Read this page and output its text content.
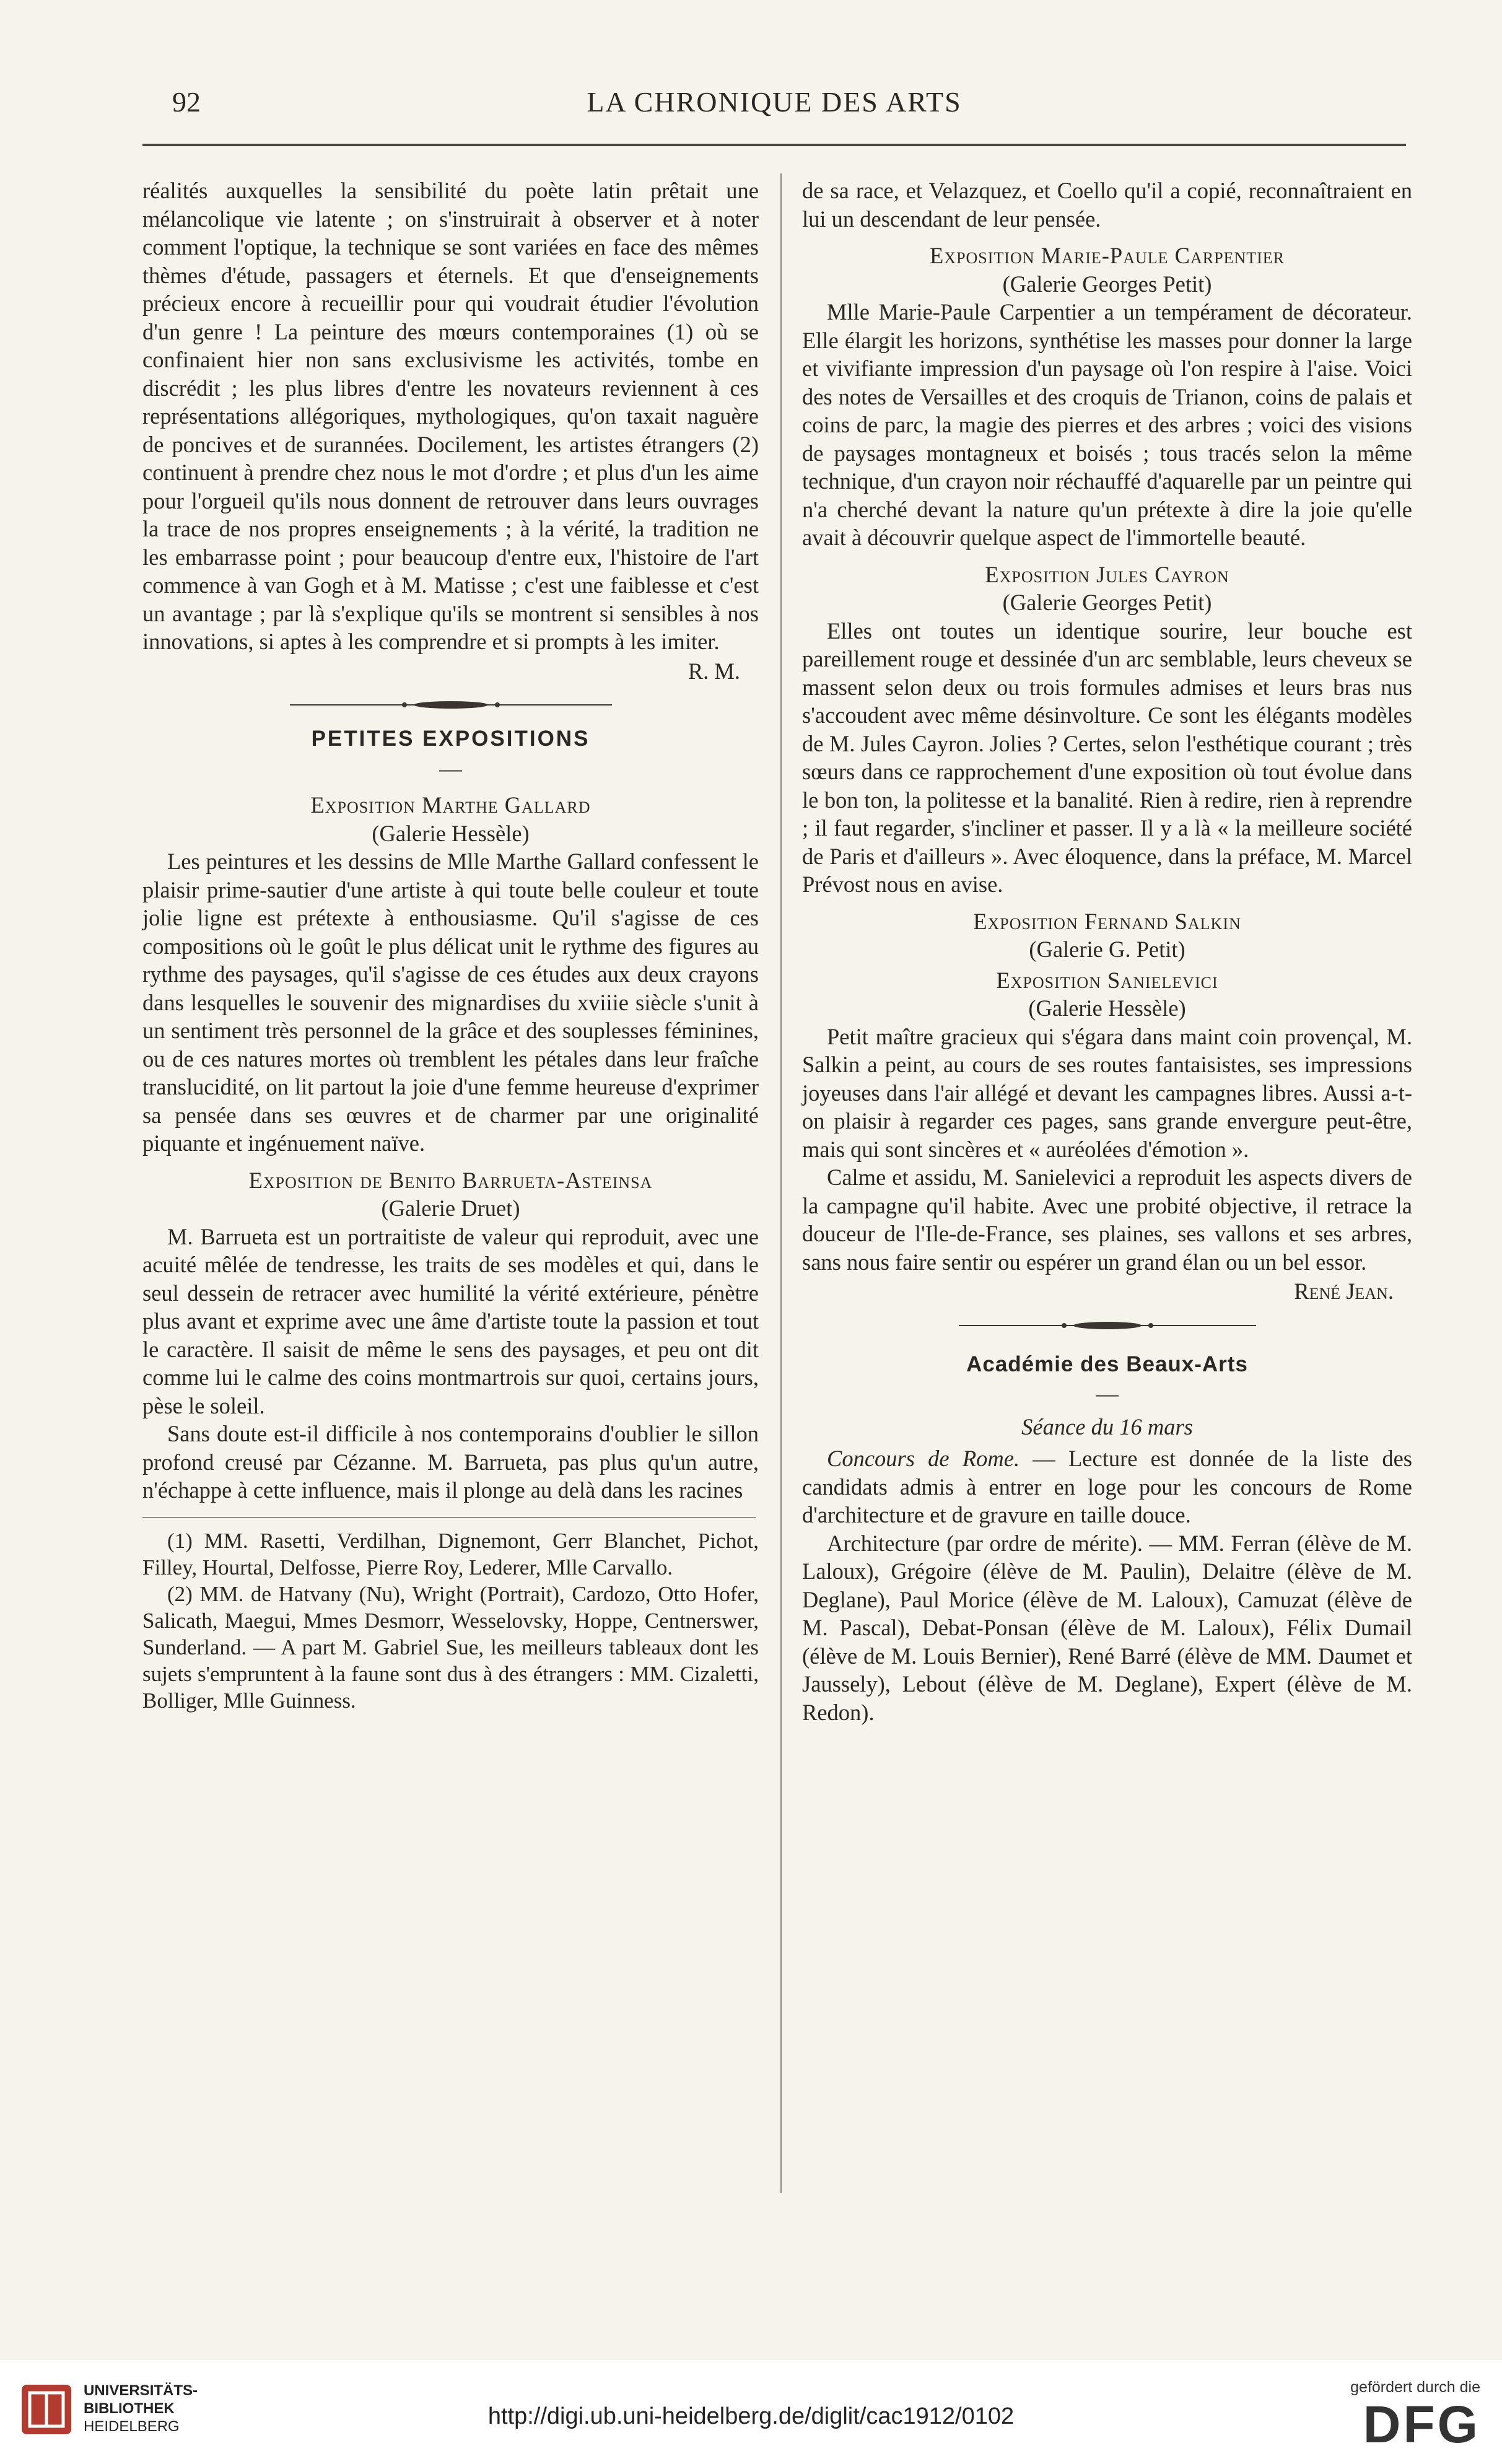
92	LA CHRONIQUE DES ARTS

réalités auxquelles la sensibilité du poète latin prêtait une mélancolique vie latente ; on s'instruirait à observer et à noter comment l'optique, la technique se sont variées en face des mêmes thèmes d'étude, passagers et éternels. Et que d'enseignements précieux encore à recueillir pour qui voudrait étudier l'évolution d'un genre ! La peinture des mœurs contemporaines (1) où se confinaient hier non sans exclusivisme les activités, tombe en discrédit ; les plus libres d'entre les novateurs reviennent à ces représentations allégoriques, mythologiques, qu'on taxait naguère de poncives et de surannées. Docilement, les artistes étrangers (2) continuent à prendre chez nous le mot d'ordre ; et plus d'un les aime pour l'orgueil qu'ils nous donnent de retrouver dans leurs ouvrages la trace de nos propres enseignements ; à la vérité, la tradition ne les embarrasse point ; pour beaucoup d'entre eux, l'histoire de l'art commence à van Gogh et à M. Matisse ; c'est une faiblesse et c'est un avantage ; par là s'explique qu'ils se montrent si sensibles à nos innovations, si aptes à les comprendre et si prompts à les imiter.

R. M.
PETITES EXPOSITIONS
—
Exposition Marthe Gallard
(Galerie Hessèle)

Les peintures et les dessins de Mlle Marthe Gallard confessent le plaisir prime-sautier d'une artiste à qui toute belle couleur et toute jolie ligne est prétexte à enthousiasme. Qu'il s'agisse de ces compositions où le goût le plus délicat unit le rythme des figures au rythme des paysages, qu'il s'agisse de ces études aux deux crayons dans lesquelles le souvenir des mignardises du xviiie siècle s'unit à un sentiment très personnel de la grâce et des souplesses féminines, ou de ces natures mortes où tremblent les pétales dans leur fraîche translucidité, on lit partout la joie d'une femme heureuse d'exprimer sa pensée dans ses œuvres et de charmer par une originalité piquante et ingénuement naïve.

Exposition de Benito Barrueta-Asteinsa
(Galerie Druet)

M. Barrueta est un portraitiste de valeur qui reproduit, avec une acuité mêlée de tendresse, les traits de ses modèles et qui, dans le seul dessein de retracer avec humilité la vérité extérieure, pénètre plus avant et exprime avec une âme d'artiste toute la passion et tout le caractère. Il saisit de même le sens des paysages, et peu ont dit comme lui le calme des coins montmartrois sur quoi, certains jours, pèse le soleil.

Sans doute est-il difficile à nos contemporains d'oublier le sillon profond creusé par Cézanne. M. Barrueta, pas plus qu'un autre, n'échappe à cette influence, mais il plonge au delà dans les racines

(1) MM. Rasetti, Verdilhan, Dignemont, Gerr Blanchet, Pichot, Filley, Hourtal, Delfosse, Pierre Roy, Lederer, Mlle Carvallo.

(2) MM. de Hatvany (Nu), Wright (Portrait), Cardozo, Otto Hofer, Salicath, Maegui, Mmes Desmorr, Wesselovsky, Hoppe, Centnerswer, Sunderland. — A part M. Gabriel Sue, les meilleurs tableaux dont les sujets s'empruntent à la faune sont dus à des étrangers : MM. Cizaletti, Bolliger, Mlle Guinness.

de sa race, et Velazquez, et Coello qu'il a copié, reconnaîtraient en lui un descendant de leur pensée.

Exposition Marie-Paule Carpentier
(Galerie Georges Petit)

Mlle Marie-Paule Carpentier a un tempérament de décorateur. Elle élargit les horizons, synthétise les masses pour donner la large et vivifiante impression d'un paysage où l'on respire à l'aise. Voici des notes de Versailles et des croquis de Trianon, coins de palais et coins de parc, la magie des pierres et des arbres ; voici des visions de paysages montagneux et boisés ; tous tracés selon la même technique, d'un crayon noir réchauffé d'aquarelle par un peintre qui n'a cherché devant la nature qu'un prétexte à dire la joie qu'elle avait à découvrir quelque aspect de l'immortelle beauté.

Exposition Jules Cayron
(Galerie Georges Petit)

Elles ont toutes un identique sourire, leur bouche est pareillement rouge et dessinée d'un arc semblable, leurs cheveux se massent selon deux ou trois formules admises et leurs bras nus s'accoudent avec même désinvolture. Ce sont les élégants modèles de M. Jules Cayron. Jolies ? Certes, selon l'esthétique courant ; très sœurs dans ce rapprochement d'une exposition où tout évolue dans le bon ton, la politesse et la banalité. Rien à redire, rien à reprendre ; il faut regarder, s'incliner et passer. Il y a là « la meilleure société de Paris et d'ailleurs ». Avec éloquence, dans la préface, M. Marcel Prévost nous en avise.

Exposition Fernand Salkin
(Galerie G. Petit)
Exposition Sanielevici
(Galerie Hessèle)

Petit maître gracieux qui s'égara dans maint coin provençal, M. Salkin a peint, au cours de ses routes fantaisistes, ses impressions joyeuses dans l'air allégé et devant les campagnes libres. Aussi a-t-on plaisir à regarder ces pages, sans grande envergure peut-être, mais qui sont sincères et « auréolées d'émotion ».

Calme et assidu, M. Sanielevici a reproduit les aspects divers de la campagne qu'il habite. Avec une probité objective, il retrace la douceur de l'Ile-de-France, ses plaines, ses vallons et ses arbres, sans nous faire sentir ou espérer un grand élan ou un bel essor.

René Jean.
Académie des Beaux-Arts
—
Séance du 16 mars

Concours de Rome. — Lecture est donnée de la liste des candidats admis à entrer en loge pour les concours de Rome d'architecture et de gravure en taille douce.

Architecture (par ordre de mérite). — MM. Ferran (élève de M. Laloux), Grégoire (élève de M. Paulin), Delaitre (élève de M. Deglane), Paul Morice (élève de M. Laloux), Camuzat (élève de M. Pascal), Debat-Ponsan (élève de M. Laloux), Félix Dumail (élève de M. Louis Bernier), René Barré (élève de MM. Daumet et Jaussely), Lebout (élève de M. Deglane), Expert (élève de M. Redon).

UNIVERSITÄTS-
BIBLIOTHEK
HEIDELBERG	http://digi.ub.uni-heidelberg.de/diglit/cac1912/0102
gefördert durch die
DFG
